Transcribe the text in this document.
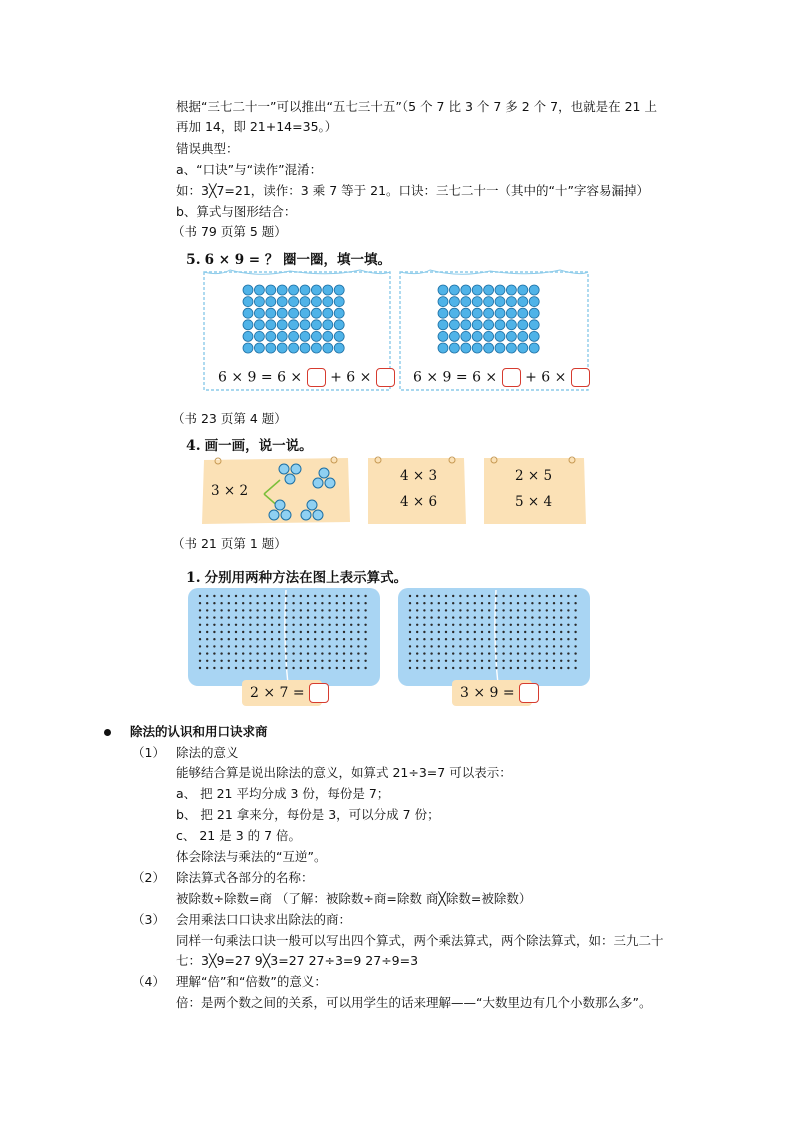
根据“三七二十一”可以推出“五七三十五”（5 个 7 比 3 个 7 多 2 个 7，也就是在 21 上
再加 14，即 21+14=35。）
错误典型：
a、“口诀”与“读作”混淆：
如：3╳7=21，读作：3 乘 7 等于 21。口诀：三七二十一（其中的“十”字容易漏掉）
b、算式与图形结合：
（书 79 页第 5 题）
5. 6 × 9 = ？ 圈一圈，填一填。
6 × 9 = 6 × + 6 ×	6 × 9 = 6 × + 6 ×
（书 23 页第 4 题）
4. 画一画，说一说。
3 × 2
4 × 3
4 × 6
2 × 5
5 × 4
（书 21 页第 1 题）
1. 分别用两种方法在图上表示算式。
2 × 7 =	3 × 9 =
除法的认识和用口诀求商
（1） 除法的意义
能够结合算是说出除法的意义，如算式 21÷3=7 可以表示：
a、 把 21 平均分成 3 份，每份是 7；
b、 把 21 拿来分，每份是 3，可以分成 7 份；
c、 21 是 3 的 7 倍。
体会除法与乘法的“互逆”。
（2） 除法算式各部分的名称：
被除数÷除数=商 （了解：被除数÷商=除数 商╳除数=被除数）
（3） 会用乘法口口诀求出除法的商：
同样一句乘法口诀一般可以写出四个算式，两个乘法算式，两个除法算式，如：三九二十
七：3╳9=27 9╳3=27 27÷3=9 27÷9=3
（4） 理解“倍”和“倍数”的意义：
倍：是两个数之间的关系，可以用学生的话来理解——“大数里边有几个小数那么多”。
